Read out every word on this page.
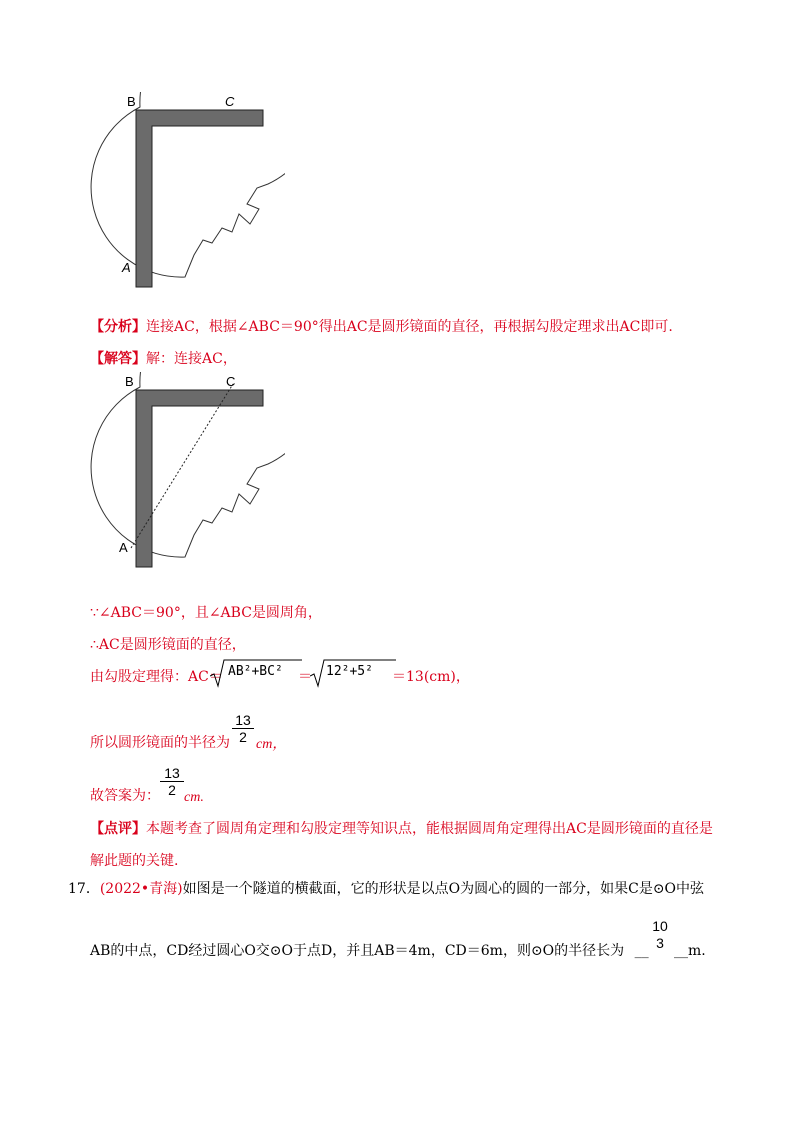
B	C
A
【分析】连接AC，根据∠ABC＝90°得出AC是圆形镜面的直径，再根据勾股定理求出AC即可.
【解答】解：连接AC，
B	C
A
∵∠ABC＝90°，且∠ABC是圆周角，
∴AC是圆形镜面的直径，
由勾股定理得：AC＝ AB²+BC² ＝ 12²+5² ＝13(cm)，
所以圆形镜面的半径为
13
2 cm，
故答案为：
13
2 cm.
【点评】本题考查了圆周角定理和勾股定理等知识点，能根据圆周角定理得出AC是圆形镜面的直径是
解此题的关键.
17．(2022•青海)如图是一个隧道的横截面，它的形状是以点O为圆心的圆的一部分，如果C是⊙O中弦
AB的中点，CD经过圆心O交⊙O于点D，并且AB＝4m，CD＝6m，则⊙O的半径长为 __
10
3 __m.
